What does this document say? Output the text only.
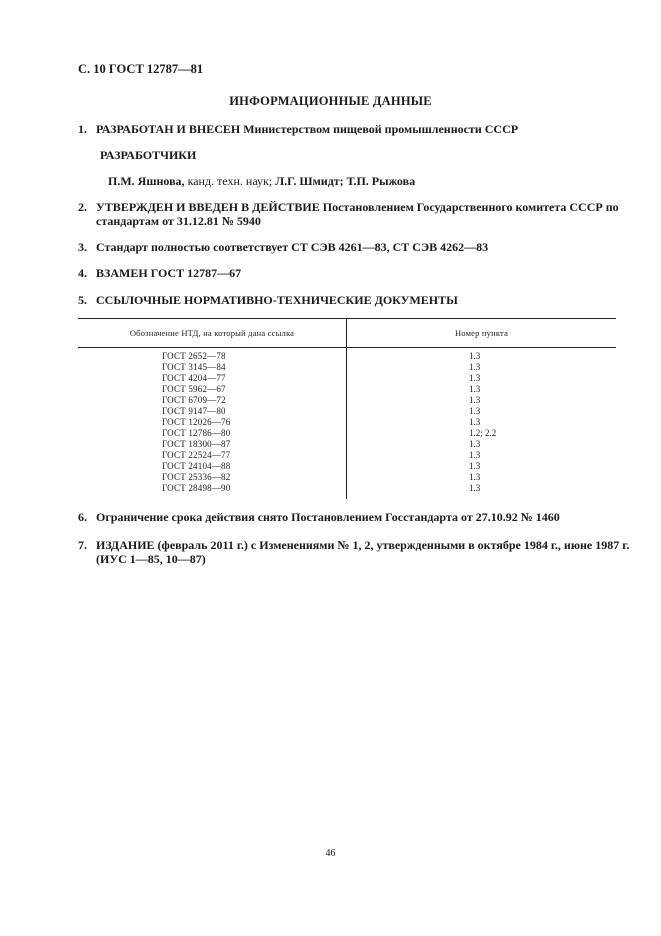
С. 10 ГОСТ 12787—81
ИНФОРМАЦИОННЫЕ ДАННЫЕ
1. РАЗРАБОТАН И ВНЕСЕН Министерством пищевой промышленности СССР
РАЗРАБОТЧИКИ
П.М. Яшнова, канд. техн. наук; Л.Г. Шмидт; Т.П. Рыжова
2. УТВЕРЖДЕН И ВВЕДЕН В ДЕЙСТВИЕ Постановлением Государственного комитета СССР по
стандартам от 31.12.81 № 5940
3. Стандарт полностью соответствует СТ СЭВ 4261—83, СТ СЭВ 4262—83
4. ВЗАМЕН ГОСТ 12787—67
5. ССЫЛОЧНЫЕ НОРМАТИВНО-ТЕХНИЧЕСКИЕ ДОКУМЕНТЫ
Обозначение НТД, на который дана ссылка	Номер пункта
ГОСТ 2652—78	1.3
ГОСТ 3145—84	1.3
ГОСТ 4204—77	1.3
ГОСТ 5962—67	1.3
ГОСТ 6709—72	1.3
ГОСТ 9147—80	1.3
ГОСТ 12026—76	1.3
ГОСТ 12786—80	1.2; 2.2
ГОСТ 18300—87	1.3
ГОСТ 22524—77	1.3
ГОСТ 24104—88	1.3
ГОСТ 25336—82	1.3
ГОСТ 28498—90	1.3
6. Ограничение срока действия снято Постановлением Госстандарта от 27.10.92 № 1460
7. ИЗДАНИЕ (февраль 2011 г.) с Изменениями № 1, 2, утвержденными в октябре 1984 г., июне 1987 г.
(ИУС 1—85, 10—87)
46
